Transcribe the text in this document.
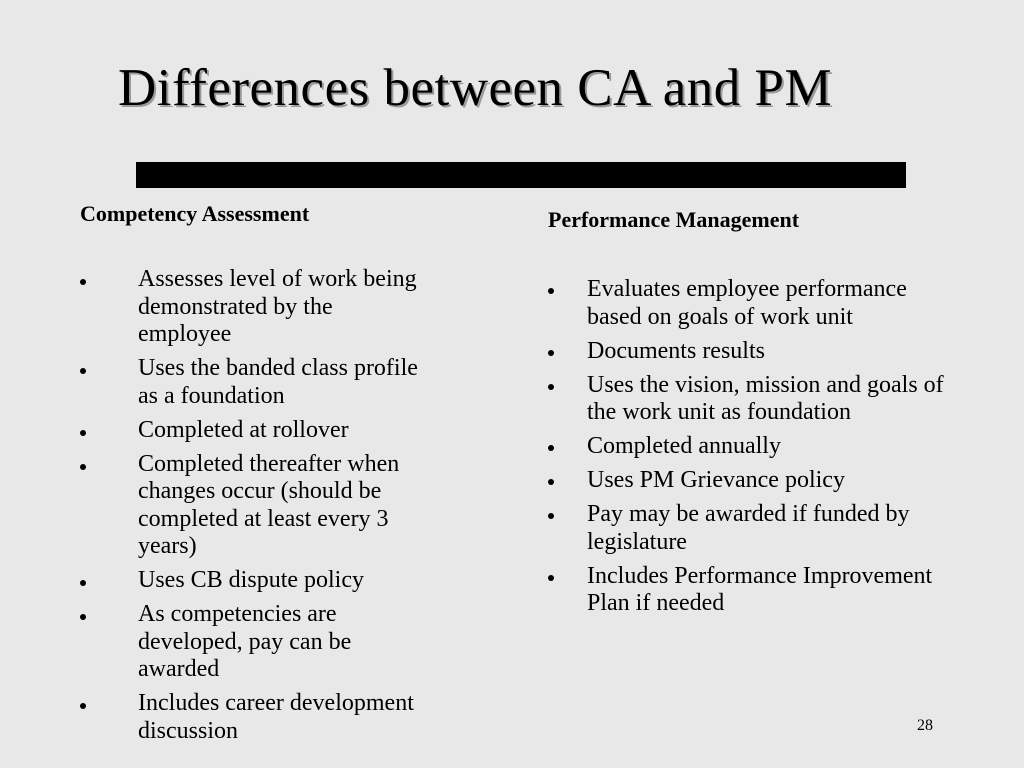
Differences between CA and PM
Competency Assessment
Assesses level of work being demonstrated by the employee
Uses the banded class profile as a foundation
Completed at rollover
Completed thereafter when changes occur (should be completed at least every 3 years)
Uses CB dispute policy
As competencies are developed, pay can be awarded
Includes career development discussion
Performance Management
Evaluates employee performance based on goals of work unit
Documents results
Uses the vision, mission and goals of the work unit as foundation
Completed annually
Uses PM Grievance policy
Pay may be awarded if funded by legislature
Includes Performance Improvement Plan if needed
28
